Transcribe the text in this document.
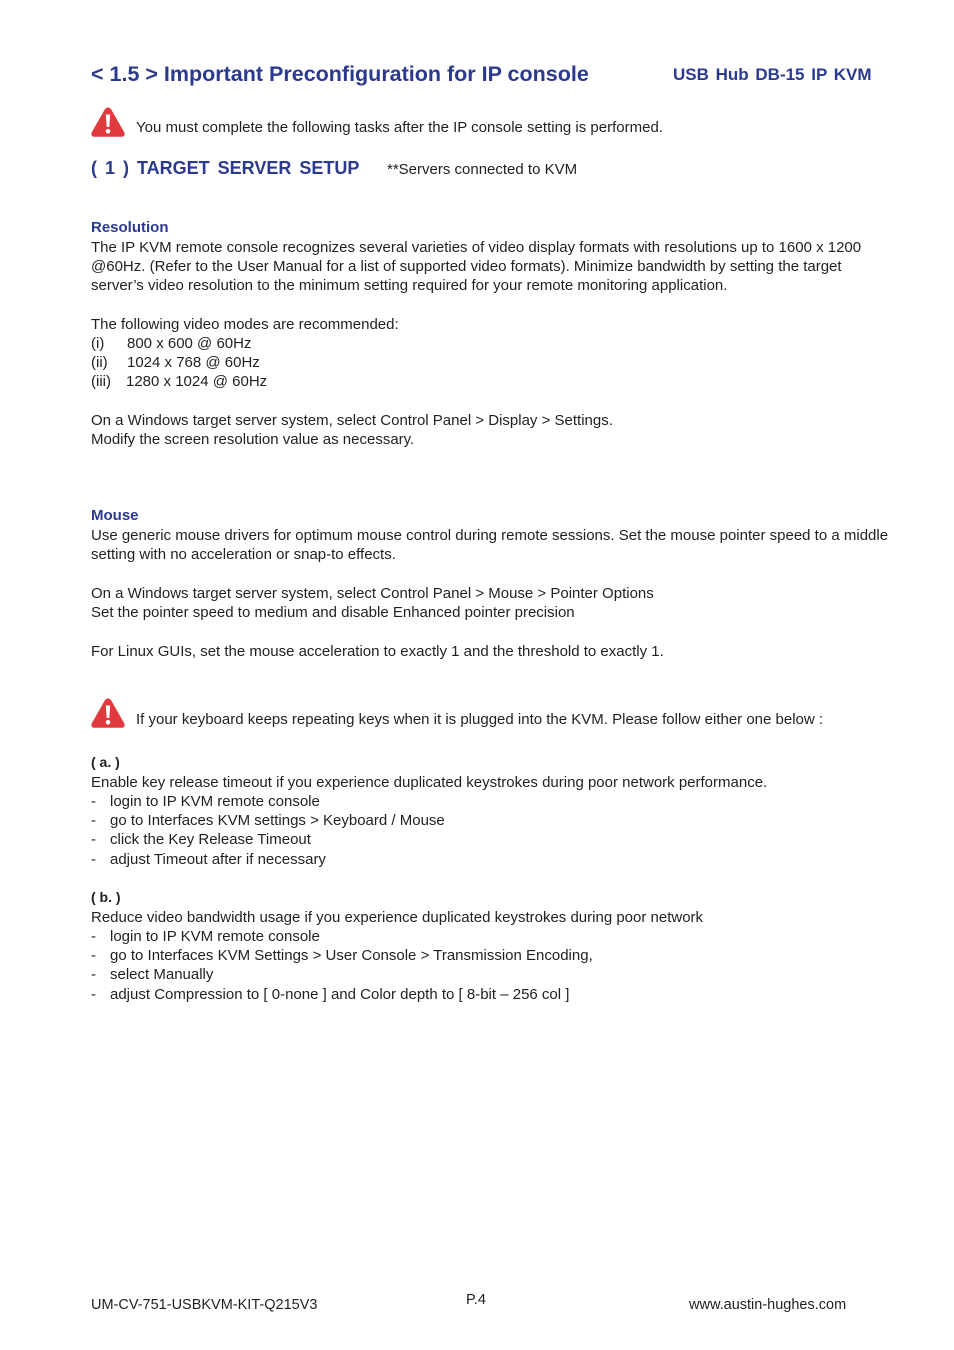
< 1.5 > Important Preconfiguration for IP console	USB Hub DB-15 IP KVM
You must complete the following tasks after the IP console setting is performed.
( 1 ) TARGET SERVER SETUP **Servers connected to KVM
Resolution
The IP KVM remote console recognizes several varieties of video display formats with resolutions up to 1600 x 1200 @60Hz. (Refer to the User Manual for a list of supported video formats). Minimize bandwidth by setting the target server’s video resolution to the minimum setting required for your remote monitoring application.
The following video modes are recommended:
(i) 800 x 600 @ 60Hz
(ii) 1024 x 768 @ 60Hz
(iii) 1280 x 1024 @ 60Hz
On a Windows target server system, select Control Panel > Display > Settings.
Modify the screen resolution value as necessary.
Mouse
Use generic mouse drivers for optimum mouse control during remote sessions. Set the mouse pointer speed to a middle setting with no acceleration or snap-to effects.
On a Windows target server system, select Control Panel > Mouse > Pointer Options
Set the pointer speed to medium and disable Enhanced pointer precision
For Linux GUIs, set the mouse acceleration to exactly 1 and the threshold to exactly 1.
If your keyboard keeps repeating keys when it is plugged into the KVM. Please follow either one below :
( a. )
Enable key release timeout if you experience duplicated keystrokes during poor network performance.
- login to IP KVM remote console
- go to Interfaces KVM settings > Keyboard / Mouse
- click the Key Release Timeout
- adjust Timeout after if necessary
( b. )
Reduce video bandwidth usage if you experience duplicated keystrokes during poor network
- login to IP KVM remote console
- go to Interfaces KVM Settings > User Console > Transmission Encoding,
- select Manually
- adjust Compression to [ 0-none ] and Color depth to [ 8-bit – 256 col ]
UM-CV-751-USBKVM-KIT-Q215V3	P.4	www.austin-hughes.com
